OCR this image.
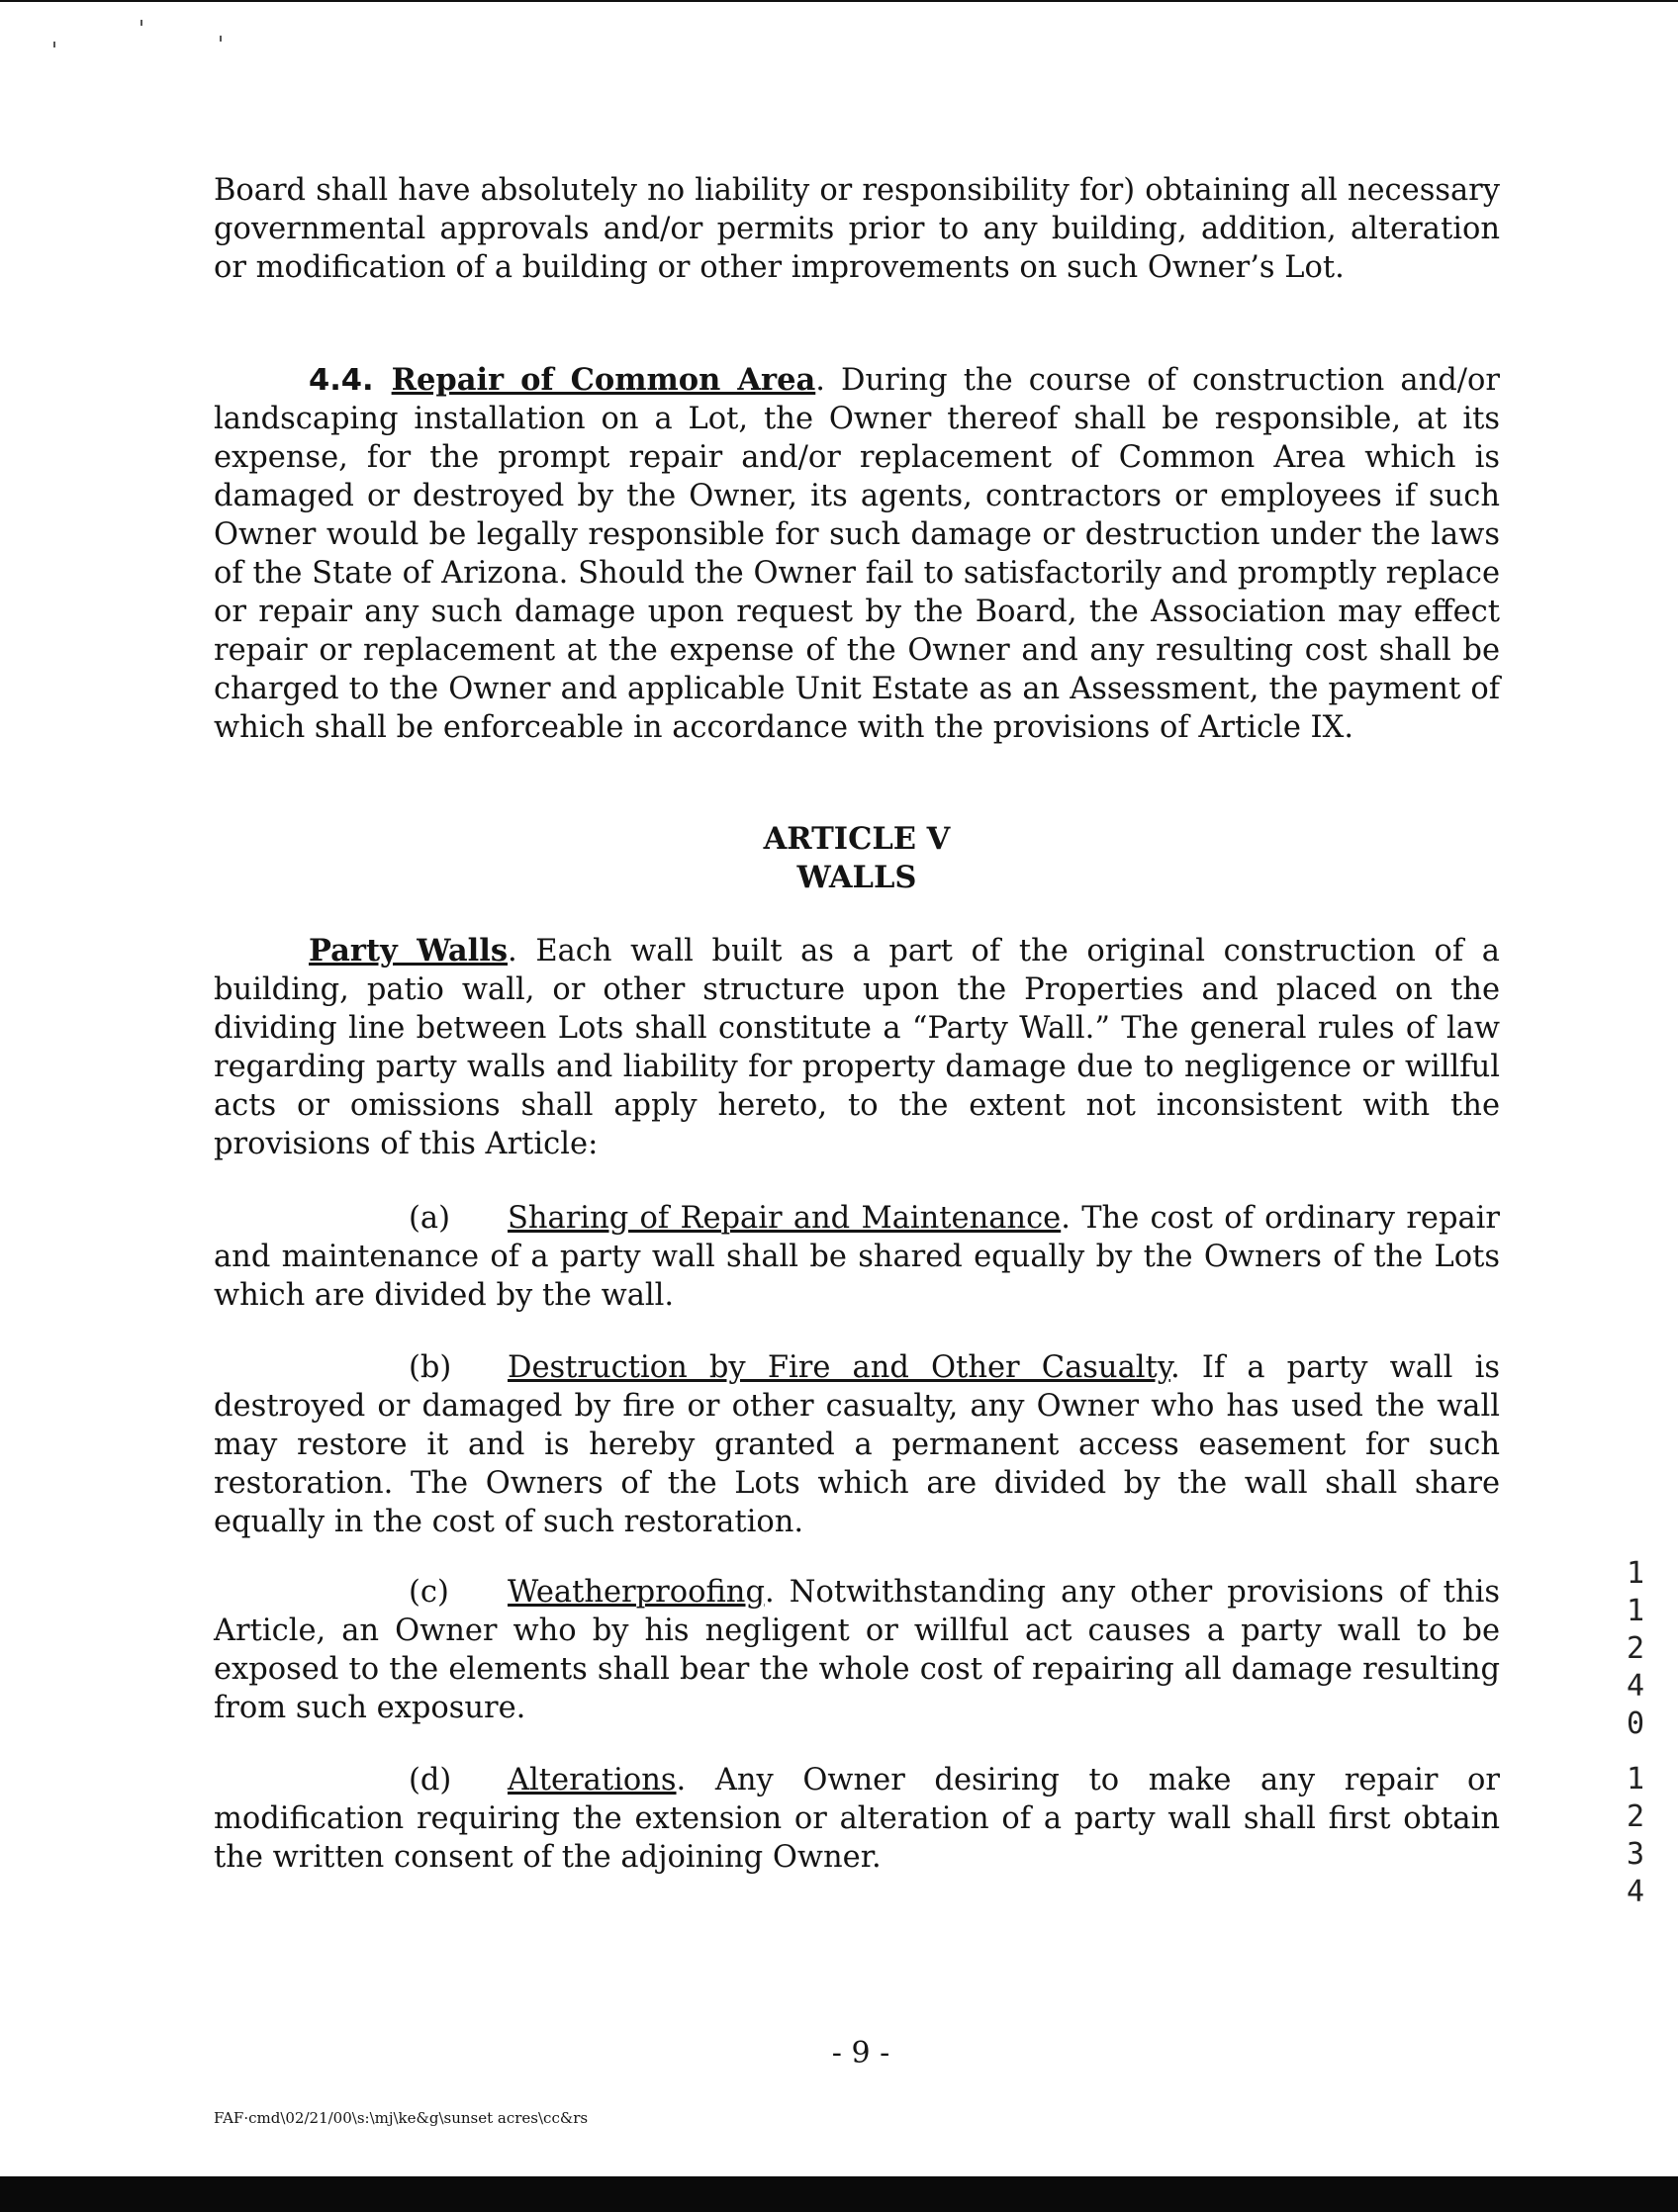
Board shall have absolutely no liability or responsibility for) obtaining all necessary governmental approvals and/or permits prior to any building, addition, alteration or modification of a building or other improvements on such Owner’s Lot.

4.4. Repair of Common Area. During the course of construction and/or landscaping installation on a Lot, the Owner thereof shall be responsible, at its expense, for the prompt repair and/or replacement of Common Area which is damaged or destroyed by the Owner, its agents, contractors or employees if such Owner would be legally responsible for such damage or destruction under the laws of the State of Arizona. Should the Owner fail to satisfactorily and promptly replace or repair any such damage upon request by the Board, the Association may effect repair or replacement at the expense of the Owner and any resulting cost shall be charged to the Owner and applicable Unit Estate as an Assessment, the payment of which shall be enforceable in accordance with the provisions of Article IX.

ARTICLE V

WALLS

Party Walls. Each wall built as a part of the original construction of a building, patio wall, or other structure upon the Properties and placed on the dividing line between Lots shall constitute a “Party Wall.” The general rules of law regarding party walls and liability for property damage due to negligence or willful acts or omissions shall apply hereto, to the extent not inconsistent with the provisions of this Article:

(a) Sharing of Repair and Maintenance. The cost of ordinary repair and maintenance of a party wall shall be shared equally by the Owners of the Lots which are divided by the wall.

(b) Destruction by Fire and Other Casualty. If a party wall is destroyed or damaged by fire or other casualty, any Owner who has used the wall may restore it and is hereby granted a permanent access easement for such restoration. The Owners of the Lots which are divided by the wall shall share equally in the cost of such restoration.

(c) Weatherproofing. Notwithstanding any other provisions of this Article, an Owner who by his negligent or willful act causes a party wall to be exposed to the elements shall bear the whole cost of repairing all damage resulting from such exposure.

(d) Alterations. Any Owner desiring to make any repair or modification requiring the extension or alteration of a party wall shall first obtain the written consent of the adjoining Owner.

1
1
2
4
0
1
2
3
4
- 9 -
FAF·cmd\02/21/00\s:\mj\ke&g\sunset acres\cc&rs
